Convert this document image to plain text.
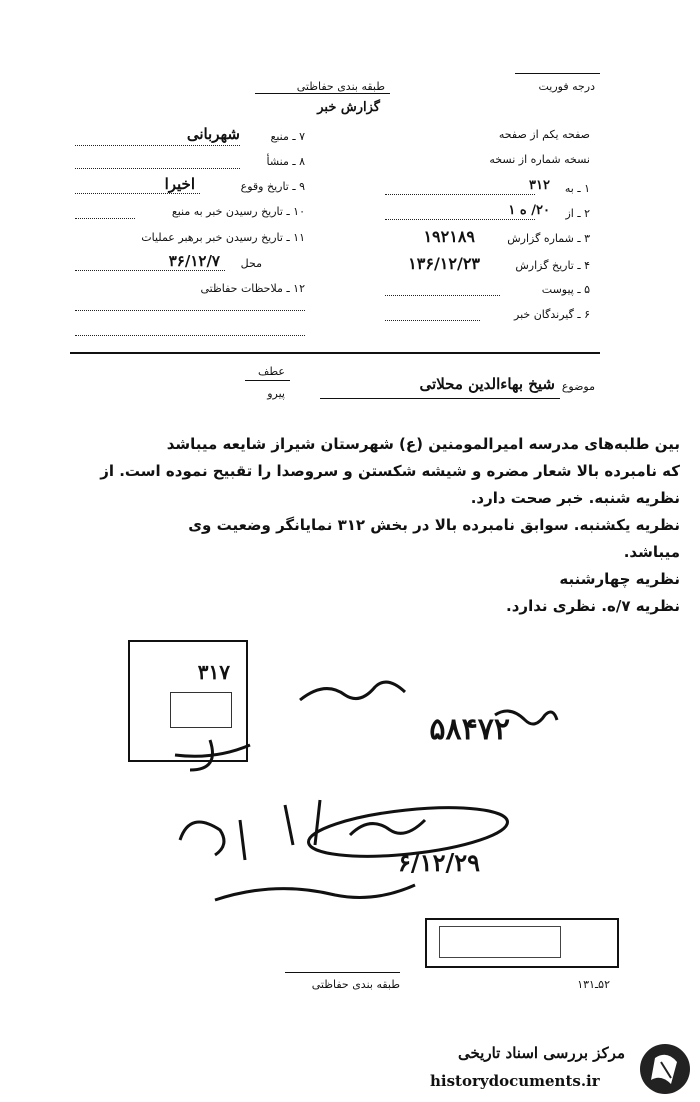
طبقه بندی حفاظتی
گزارش خبر
درجه فوریت
صفحه یکم از صفحه
نسخه شماره از نسخه
۱ ـ به
۳۱۲
۲ ـ از
۲۰/ ه ۱
۳ ـ شماره گزارش
۱۹۲۱۸۹
۴ ـ تاریخ گزارش
۱۳۶/۱۲/۲۳
۵ ـ پیوست
۶ ـ گیرندگان خبر
۷ ـ منبع
شهربانی
۸ ـ منشأ
۹ ـ تاریخ وقوع
اخیرا
۱۰ ـ تاریخ رسیدن خبر به منبع
۱۱ ـ تاریخ رسیدن خبر برهبر عملیات
محل
۳۶/۱۲/۷
۱۲ ـ ملاحظات حفاظتی
عطف
پیرو
موضوع
شیخ بهاءالدین محلاتی
بین طلبه‌های مدرسه امیرالمومنین (ع) شهرستان شیراز شایعه میباشد
که نامبرده بالا شعار مضره و شیشه شکستن و سروصدا را تقبیح نموده است. از
نظریه شنبه. خبر صحت دارد.
نظریه یکشنبه. سوابق نامبرده بالا در بخش ۳۱۲ نمایانگر وضعیت وی
میباشد.
نظریه چهارشنبه
نظریه ۷/ه. نظری ندارد.
۳۱۷
۵۸۴۷۲
۶/۱۲/۲۹
طبقه بندی حفاظتی	۵۲ـ۱۳۱
مرکز بررسی اسناد تاریخی
historydocuments.ir
